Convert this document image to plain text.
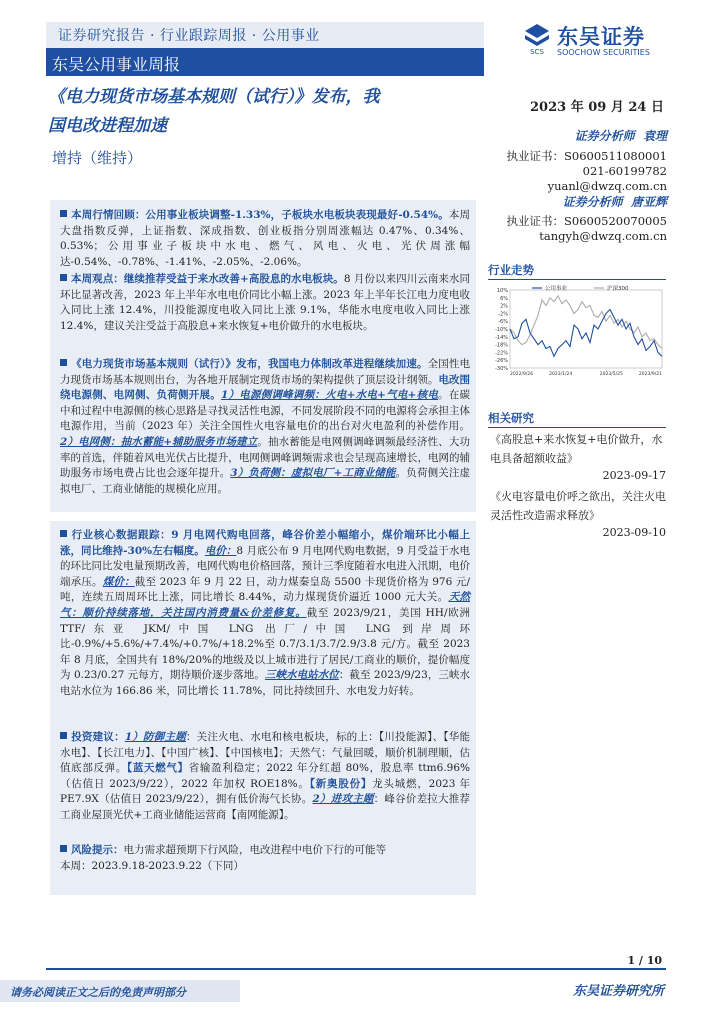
证券研究报告 · 行业跟踪周报 · 公用事业
东吴公用事业周报
SCS
东吴证券
SOOCHOW SECURITIES
《电力现货市场基本规则（试行）》发布，我
国电改进程加速
增持（维持）
2023 年 09 月 24 日
证券分析师 袁理
执业证书：S0600511080001
021-60199782
yuanl@dwzq.com.cn
证券分析师 唐亚辉
执业证书：S0600520070005
tangyh@dwzq.com.cn
行业走势
10%
6%
2%
-2%
-6%
-10%
-14%
-18%
-22%
-26%
-30%
2022/9/26	2023/1/24	2023/5/25	2023/9/21
公用事业	沪深300
相关研究
《高股息+来水恢复+电价做升，水电具备超额收益》
2023-09-17
《火电容量电价呼之欲出，关注火电灵活性改造需求释放》
2023-09-10
本周行情回顾：公用事业板块调整-1.33%，子板块水电板块表现最好-0.54%。本周大盘指数反弹，上证指数、深成指数、创业板指分别周涨幅达 0.47%、0.34%、0.53%；公用事业子板块中水电、燃气、风电、火电、光伏周涨幅达-0.54%、-0.78%、-1.41%、-2.05%、-2.06%。
本周观点：继续推荐受益于来水改善+高股息的水电板块。8 月份以来四川云南来水同环比显著改善，2023 年上半年水电电价同比小幅上涨。2023 年上半年长江电力度电收入同比上涨 12.4%，川投能源度电收入同比上涨 9.1%，华能水电度电收入同比上涨 12.4%，建议关注受益于高股息+来水恢复+电价做升的水电板块。
《电力现货市场基本规则（试行）》发布，我国电力体制改革进程继续加速。全国性电力现货市场基本规则出台，为各地开展制定现货市场的架构提供了顶层设计纲领。电改围绕电源侧、电网侧、负荷侧开展。1）电源侧调峰调频：火电+水电+气电+核电。在碳中和过程中电源侧的核心思路是寻找灵活性电源，不同发展阶段不同的电源将会承担主体电源作用，当前（2023 年）关注全国性火电容量电价的出台对火电盈利的补偿作用。2）电网侧：抽水蓄能+辅助服务市场建立。抽水蓄能是电网侧调峰调频最经济性、大功率的首选，伴随着风电光伏占比提升，电网侧调峰调频需求也会呈现高速增长，电网的辅助服务市场电费占比也会逐年提升。3）负荷侧：虚拟电厂+工商业储能。负荷侧关注虚拟电厂、工商业储能的规模化应用。
行业核心数据跟踪：9 月电网代购电回落，峰谷价差小幅缩小，煤价端环比小幅上涨，同比维持-30%左右幅度。电价：8 月底公布 9 月电网代购电数据，9 月受益于水电的环比同比发电量预期改善，电网代购电价格回落，预计三季度随着水电进入汛期，电价端承压。煤价：截至 2023 年 9 月 22 日，动力煤秦皇岛 5500 卡现货价格为 976 元/吨，连续五周周环比上涨，同比增长 8.44%，动力煤现货价逼近 1000 元大关。天然气：顺价持续落地，关注国内消费量&价差修复。截至 2023/9/21，美国 HH/欧洲 TTF/东亚 JKM/中国 LNG 出厂/中国 LNG 到岸周环比-0.9%/+5.6%/+7.4%/+0.7%/+18.2%至 0.7/3.1/3.7/2.9/3.8 元/方。截至 2023 年 8 月底，全国共有 18%/20%的地级及以上城市进行了居民/工商业的顺价，提价幅度为 0.23/0.27 元每方，期待顺价逐步落地。三峡水电站水位：截至 2023/9/23，三峡水电站水位为 166.86 米，同比增长 11.78%，同比持续回升、水电发力好转。
投资建议：1）防御主题：关注火电、水电和核电板块，标的上：【川投能源】、【华能水电】、【长江电力】、【中国广核】、【中国核电】；天然气：气量回暖，顺价机制理顺，估值底部反弹。【蓝天燃气】省输盈利稳定；2022 年分红超 80%，股息率 ttm6.96%（估值日 2023/9/22），2022 年加权 ROE18%。【新奥股份】龙头城燃，2023 年 PE7.9X（估值日 2023/9/22），拥有低价海气长协。2）进攻主题：峰谷价差拉大推荐工商业屋顶光伏+工商业储能运营商【南网能源】。
风险提示：电力需求超预期下行风险，电改进程中电价下行的可能等
本周：2023.9.18-2023.9.22（下同）
1 / 10
请务必阅读正文之后的免责声明部分	东吴证券研究所
